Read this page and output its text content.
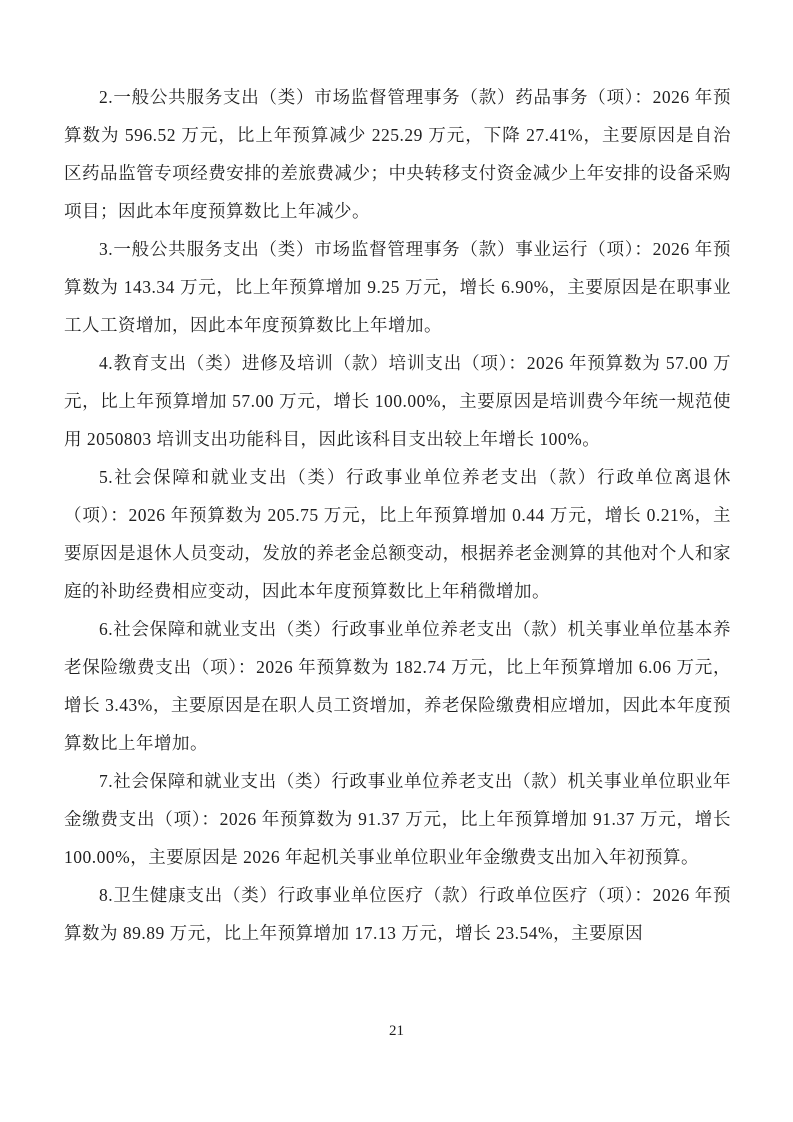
2.一般公共服务支出（类）市场监督管理事务（款）药品事务（项）：2026 年预算数为 596.52 万元，比上年预算减少 225.29 万元，下降 27.41%，主要原因是自治区药品监管专项经费安排的差旅费减少；中央转移支付资金减少上年安排的设备采购项目；因此本年度预算数比上年减少。

3.一般公共服务支出（类）市场监督管理事务（款）事业运行（项）：2026 年预算数为 143.34 万元，比上年预算增加 9.25 万元，增长 6.90%，主要原因是在职事业工人工资增加，因此本年度预算数比上年增加。

4.教育支出（类）进修及培训（款）培训支出（项）：2026 年预算数为 57.00 万元，比上年预算增加 57.00 万元，增长 100.00%，主要原因是培训费今年统一规范使用 2050803 培训支出功能科目，因此该科目支出较上年增长 100%。

5.社会保障和就业支出（类）行政事业单位养老支出（款）行政单位离退休（项）：2026 年预算数为 205.75 万元，比上年预算增加 0.44 万元，增长 0.21%，主要原因是退休人员变动，发放的养老金总额变动，根据养老金测算的其他对个人和家庭的补助经费相应变动，因此本年度预算数比上年稍微增加。

6.社会保障和就业支出（类）行政事业单位养老支出（款）机关事业单位基本养老保险缴费支出（项）：2026 年预算数为 182.74 万元，比上年预算增加 6.06 万元，增长 3.43%，主要原因是在职人员工资增加，养老保险缴费相应增加，因此本年度预算数比上年增加。

7.社会保障和就业支出（类）行政事业单位养老支出（款）机关事业单位职业年金缴费支出（项）：2026 年预算数为 91.37 万元，比上年预算增加 91.37 万元，增长 100.00%，主要原因是 2026 年起机关事业单位职业年金缴费支出加入年初预算。

8.卫生健康支出（类）行政事业单位医疗（款）行政单位医疗（项）：2026 年预算数为 89.89 万元，比上年预算增加 17.13 万元，增长 23.54%，主要原因

21
